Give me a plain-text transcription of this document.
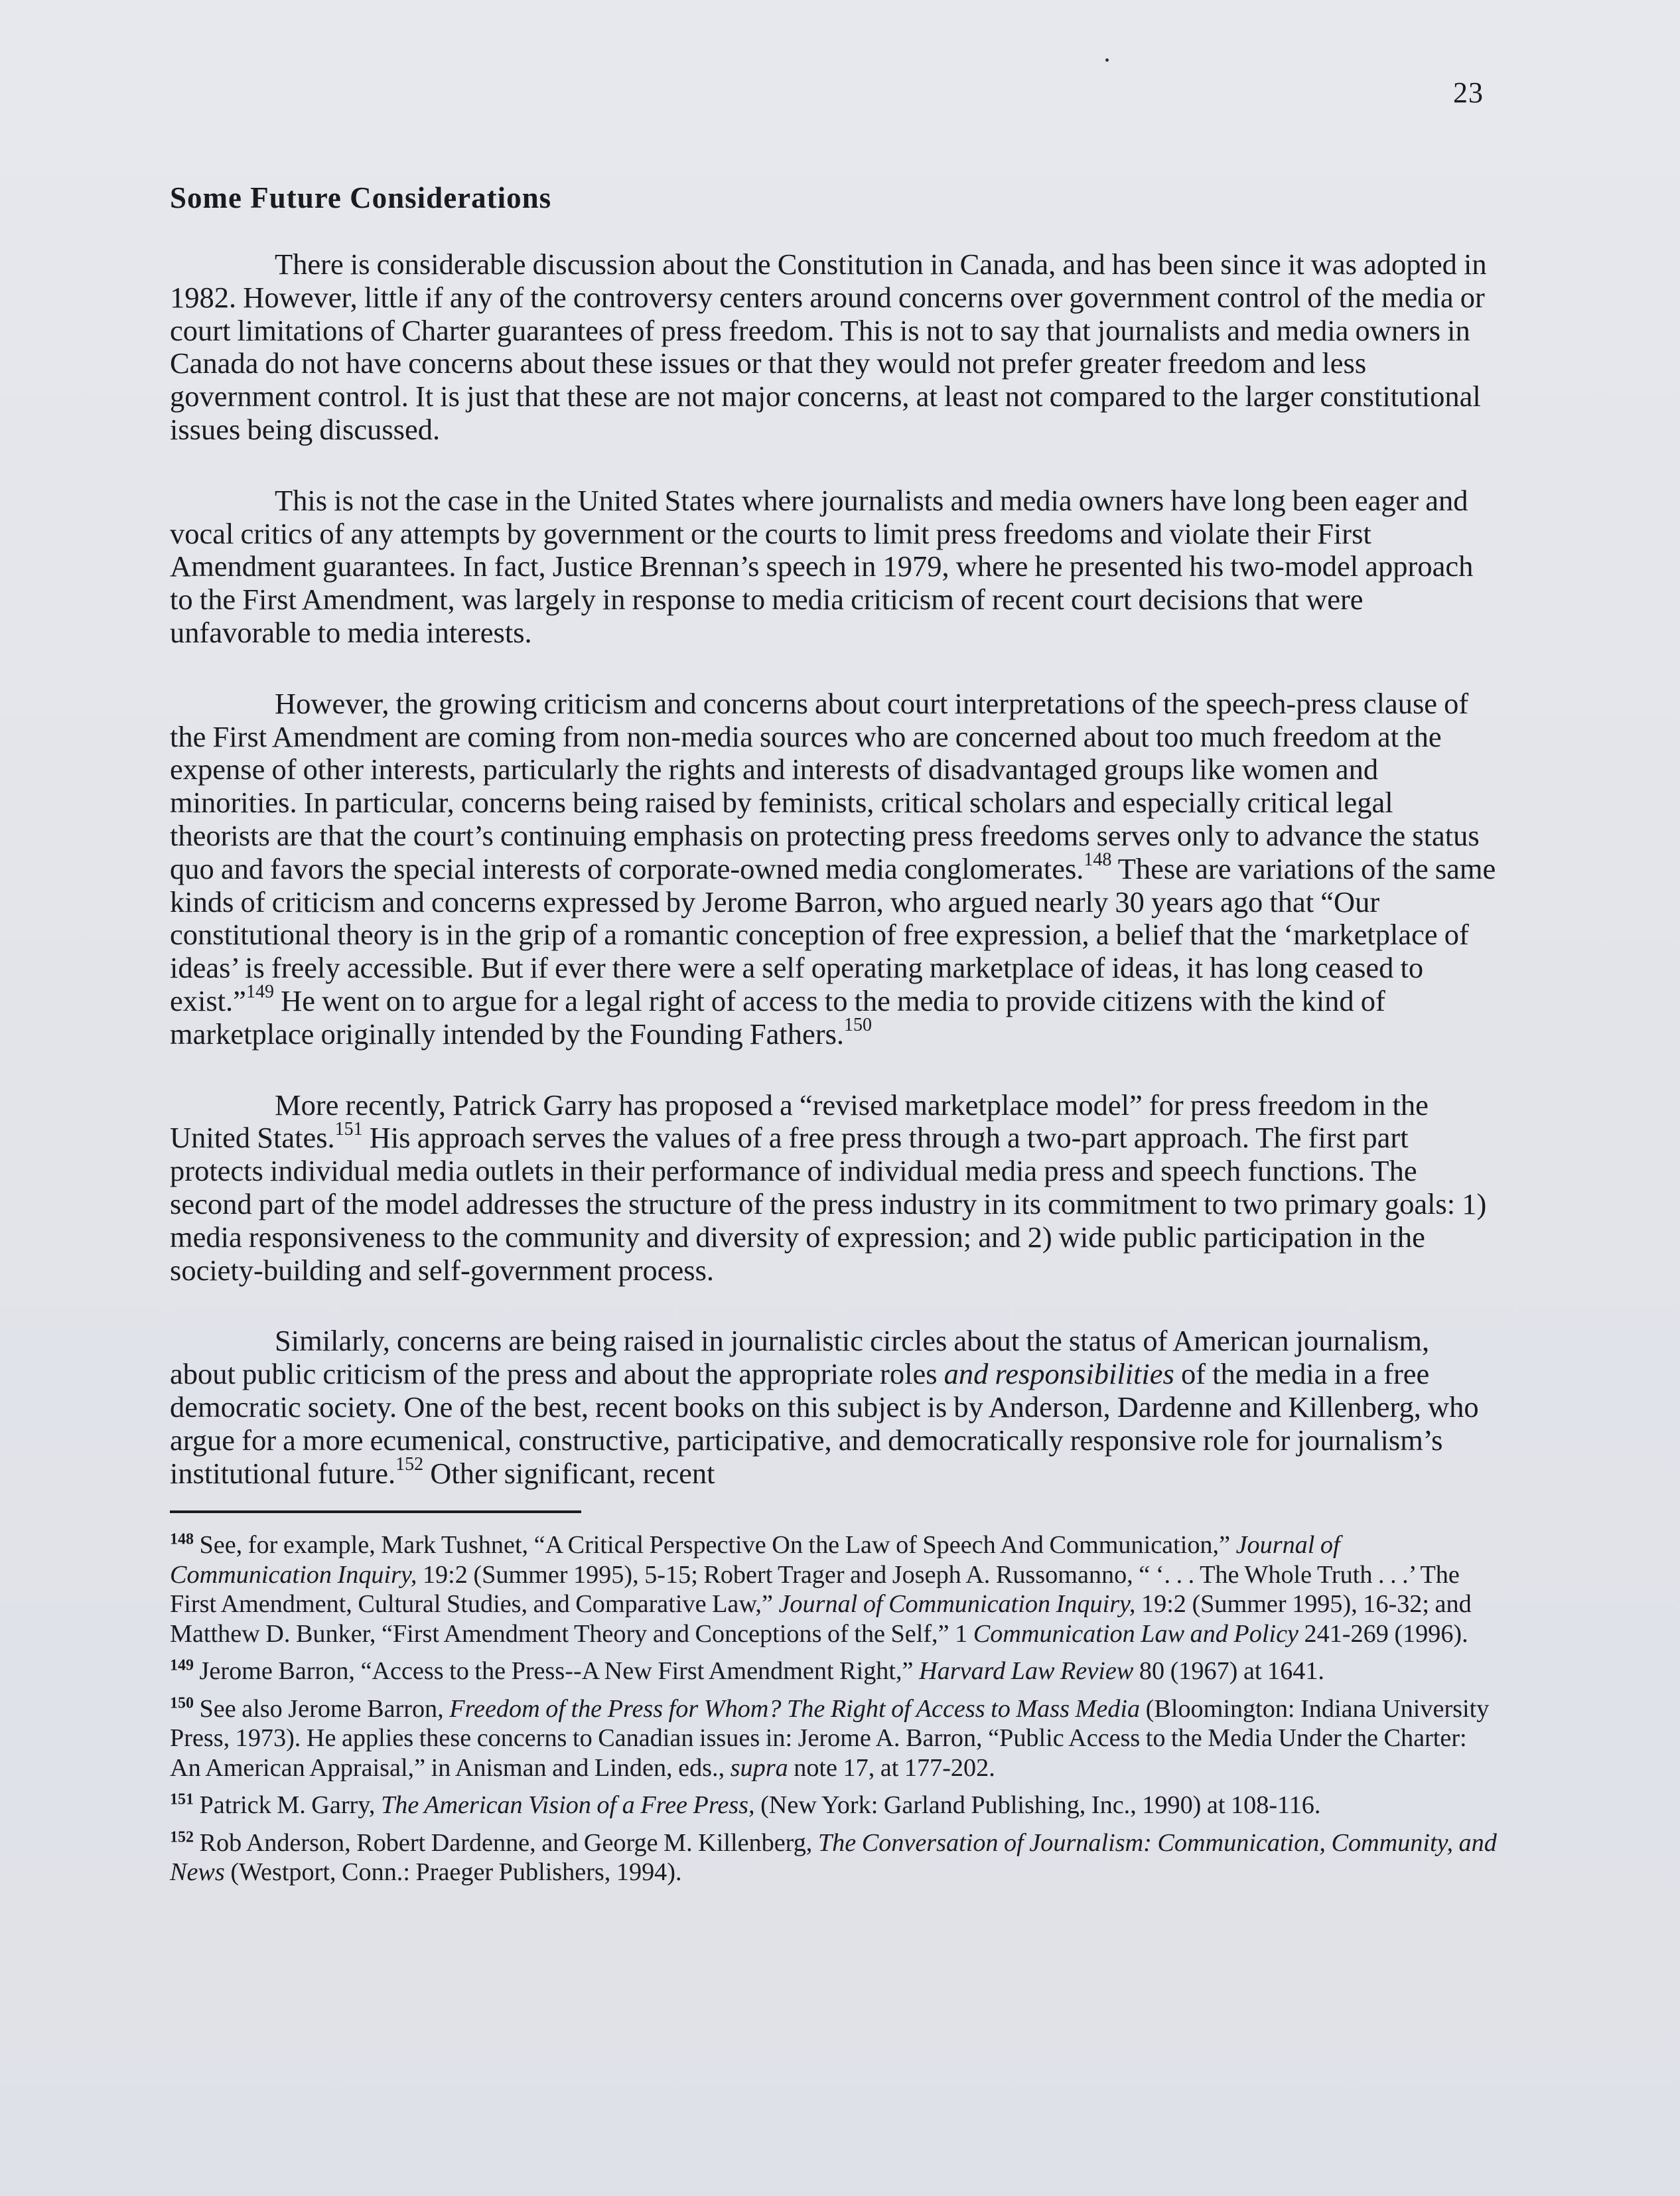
23
Some Future Considerations

There is considerable discussion about the Constitution in Canada, and has been since it was adopted in 1982. However, little if any of the controversy centers around concerns over government control of the media or court limitations of Charter guarantees of press freedom. This is not to say that journalists and media owners in Canada do not have concerns about these issues or that they would not prefer greater freedom and less government control. It is just that these are not major concerns, at least not compared to the larger constitutional issues being discussed.

This is not the case in the United States where journalists and media owners have long been eager and vocal critics of any attempts by government or the courts to limit press freedoms and violate their First Amendment guarantees. In fact, Justice Brennan’s speech in 1979, where he presented his two-model approach to the First Amendment, was largely in response to media criticism of recent court decisions that were unfavorable to media interests.

However, the growing criticism and concerns about court interpretations of the speech-press clause of the First Amendment are coming from non-media sources who are concerned about too much freedom at the expense of other interests, particularly the rights and interests of disadvantaged groups like women and minorities. In particular, concerns being raised by feminists, critical scholars and especially critical legal theorists are that the court’s continuing emphasis on protecting press freedoms serves only to advance the status quo and favors the special interests of corporate-owned media conglomerates.$^{148}$ These are variations of the same kinds of criticism and concerns expressed by Jerome Barron, who argued nearly 30 years ago that “Our constitutional theory is in the grip of a romantic conception of free expression, a belief that the ‘marketplace of ideas’ is freely accessible. But if ever there were a self operating marketplace of ideas, it has long ceased to exist.”$^{149}$ He went on to argue for a legal right of access to the media to provide citizens with the kind of marketplace originally intended by the Founding Fathers.$^{150}$

More recently, Patrick Garry has proposed a “revised marketplace model” for press freedom in the United States.$^{151}$ His approach serves the values of a free press through a two-part approach. The first part protects individual media outlets in their performance of individual media press and speech functions. The second part of the model addresses the structure of the press industry in its commitment to two primary goals: 1) media responsiveness to the community and diversity of expression; and 2) wide public participation in the society-building and self-government process.

Similarly, concerns are being raised in journalistic circles about the status of American journalism, about public criticism of the press and about the appropriate roles and responsibilities of the media in a free democratic society. One of the best, recent books on this subject is by Anderson, Dardenne and Killenberg, who argue for a more ecumenical, constructive, participative, and democratically responsive role for journalism’s institutional future.$^{152}$ Other significant, recent

$^{148}$ See, for example, Mark Tushnet, “A Critical Perspective On the Law of Speech And Communication,” Journal of Communication Inquiry, 19:2 (Summer 1995), 5-15; Robert Trager and Joseph A. Russomanno, “ ‘. . . The Whole Truth . . .’ The First Amendment, Cultural Studies, and Comparative Law,” Journal of Communication Inquiry, 19:2 (Summer 1995), 16-32; and Matthew D. Bunker, “First Amendment Theory and Conceptions of the Self,” 1 Communication Law and Policy 241-269 (1996).

$^{149}$ Jerome Barron, “Access to the Press--A New First Amendment Right,” Harvard Law Review 80 (1967) at 1641.

$^{150}$ See also Jerome Barron, Freedom of the Press for Whom? The Right of Access to Mass Media (Bloomington: Indiana University Press, 1973). He applies these concerns to Canadian issues in: Jerome A. Barron, “Public Access to the Media Under the Charter: An American Appraisal,” in Anisman and Linden, eds., supra note 17, at 177-202.

$^{151}$ Patrick M. Garry, The American Vision of a Free Press, (New York: Garland Publishing, Inc., 1990) at 108-116.

$^{152}$ Rob Anderson, Robert Dardenne, and George M. Killenberg, The Conversation of Journalism: Communication, Community, and News (Westport, Conn.: Praeger Publishers, 1994).
